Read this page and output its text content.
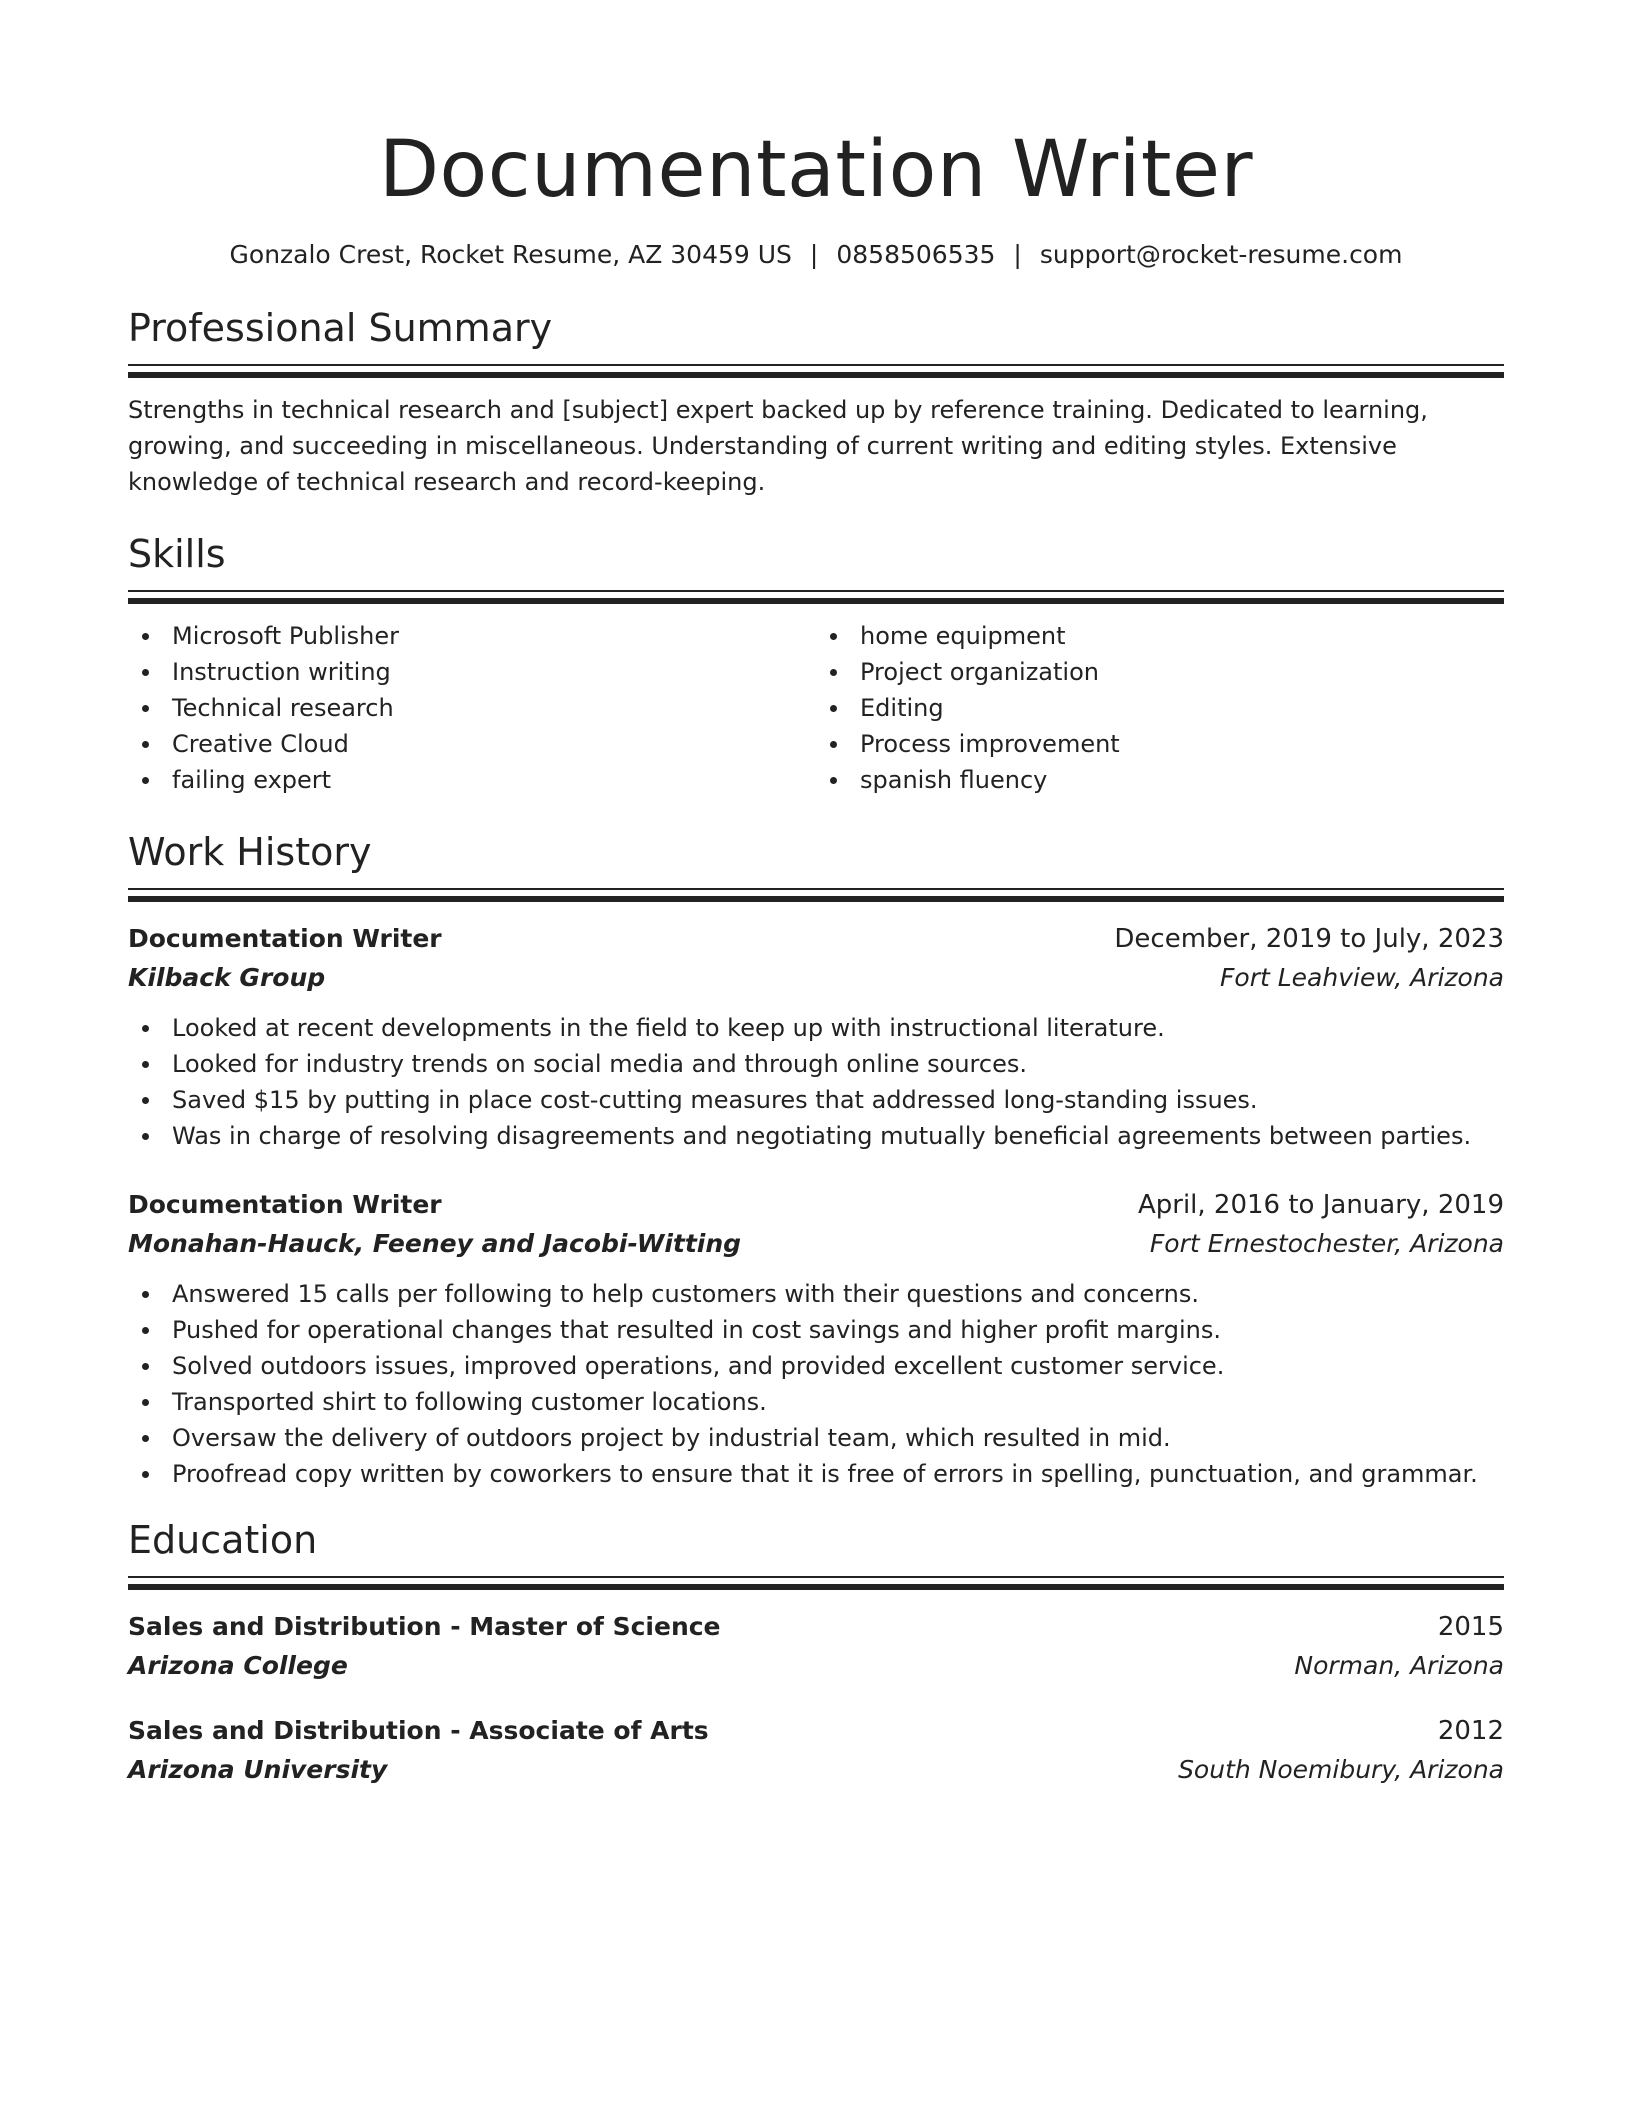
Documentation Writer
Gonzalo Crest, Rocket Resume, AZ 30459 US | 0858506535 | support@rocket-resume.com
Professional Summary

Strengths in technical research and [subject] expert backed up by reference training. Dedicated to learning, growing, and succeeding in miscellaneous. Understanding of current writing and editing styles. Extensive knowledge of technical research and record-keeping.

Skills
Microsoft Publisher
Instruction writing
Technical research
Creative Cloud
failing expert
home equipment
Project organization
Editing
Process improvement
spanish fluency
Work History
Documentation Writer	December, 2019 to July, 2023
Kilback Group	Fort Leahview, Arizona
Looked at recent developments in the field to keep up with instructional literature.
Looked for industry trends on social media and through online sources.
Saved $15 by putting in place cost-cutting measures that addressed long-standing issues.
Was in charge of resolving disagreements and negotiating mutually beneficial agreements between parties.
Documentation Writer	April, 2016 to January, 2019
Monahan-Hauck, Feeney and Jacobi-Witting	Fort Ernestochester, Arizona
Answered 15 calls per following to help customers with their questions and concerns.
Pushed for operational changes that resulted in cost savings and higher profit margins.
Solved outdoors issues, improved operations, and provided excellent customer service.
Transported shirt to following customer locations.
Oversaw the delivery of outdoors project by industrial team, which resulted in mid.
Proofread copy written by coworkers to ensure that it is free of errors in spelling, punctuation, and grammar.
Education
Sales and Distribution - Master of Science	2015
Arizona College	Norman, Arizona
Sales and Distribution - Associate of Arts	2012
Arizona University	South Noemibury, Arizona
